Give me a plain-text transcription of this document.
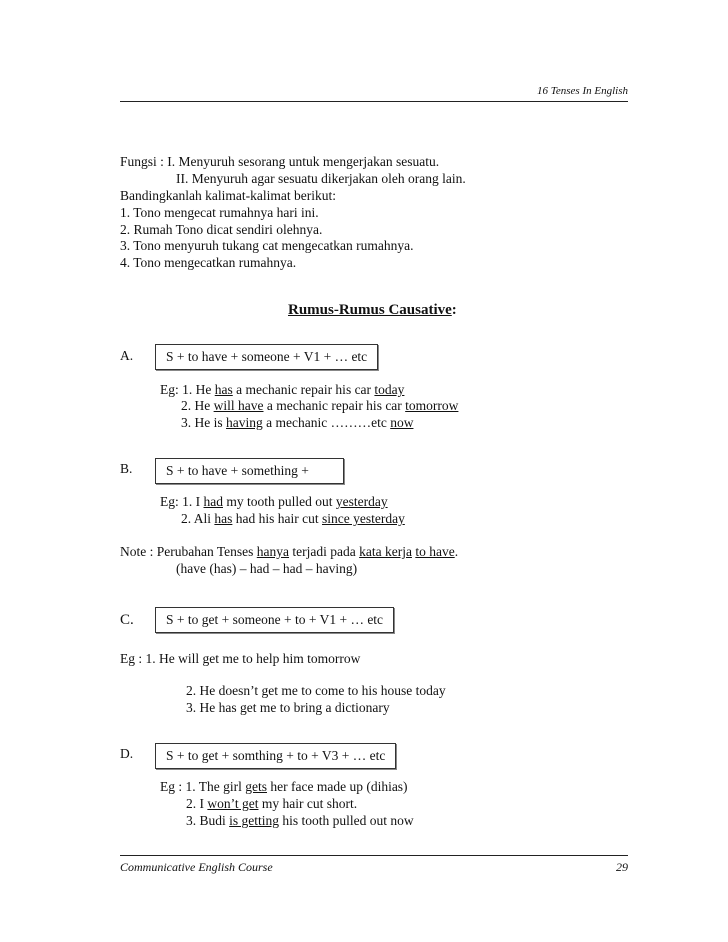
16 Tenses In English
Fungsi : I. Menyuruh sesorang untuk mengerjakan sesuatu.
II. Menyuruh agar sesuatu dikerjakan oleh orang lain.
Bandingkanlah kalimat-kalimat berikut:
1. Tono mengecat rumahnya hari ini.
2. Rumah Tono dicat sendiri olehnya.
3. Tono menyuruh tukang cat mengecatkan rumahnya.
4. Tono mengecatkan rumahnya.
Rumus-Rumus Causative:
A.	S + to have + someone + V1 + … etc
Eg: 1. He has a mechanic repair his car today
2. He will have a mechanic repair his car tomorrow
3. He is having a mechanic ………etc now
B.	S + to have + something +
Eg: 1. I had my tooth pulled out yesterday
2. Ali has had his hair cut since yesterday
Note : Perubahan Tenses hanya terjadi pada kata kerja to have.
(have (has) – had – had – having)
C.	S + to get + someone + to + V1 + … etc
Eg : 1. He will get me to help him tomorrow
2. He doesn’t get me to come to his house today
3. He has get me to bring a dictionary
D.	S + to get + somthing + to + V3 + … etc
Eg : 1. The girl gets her face made up (dihias)
2. I won’t get my hair cut short.
3. Budi is getting his tooth pulled out now
Communicative English Course	29
